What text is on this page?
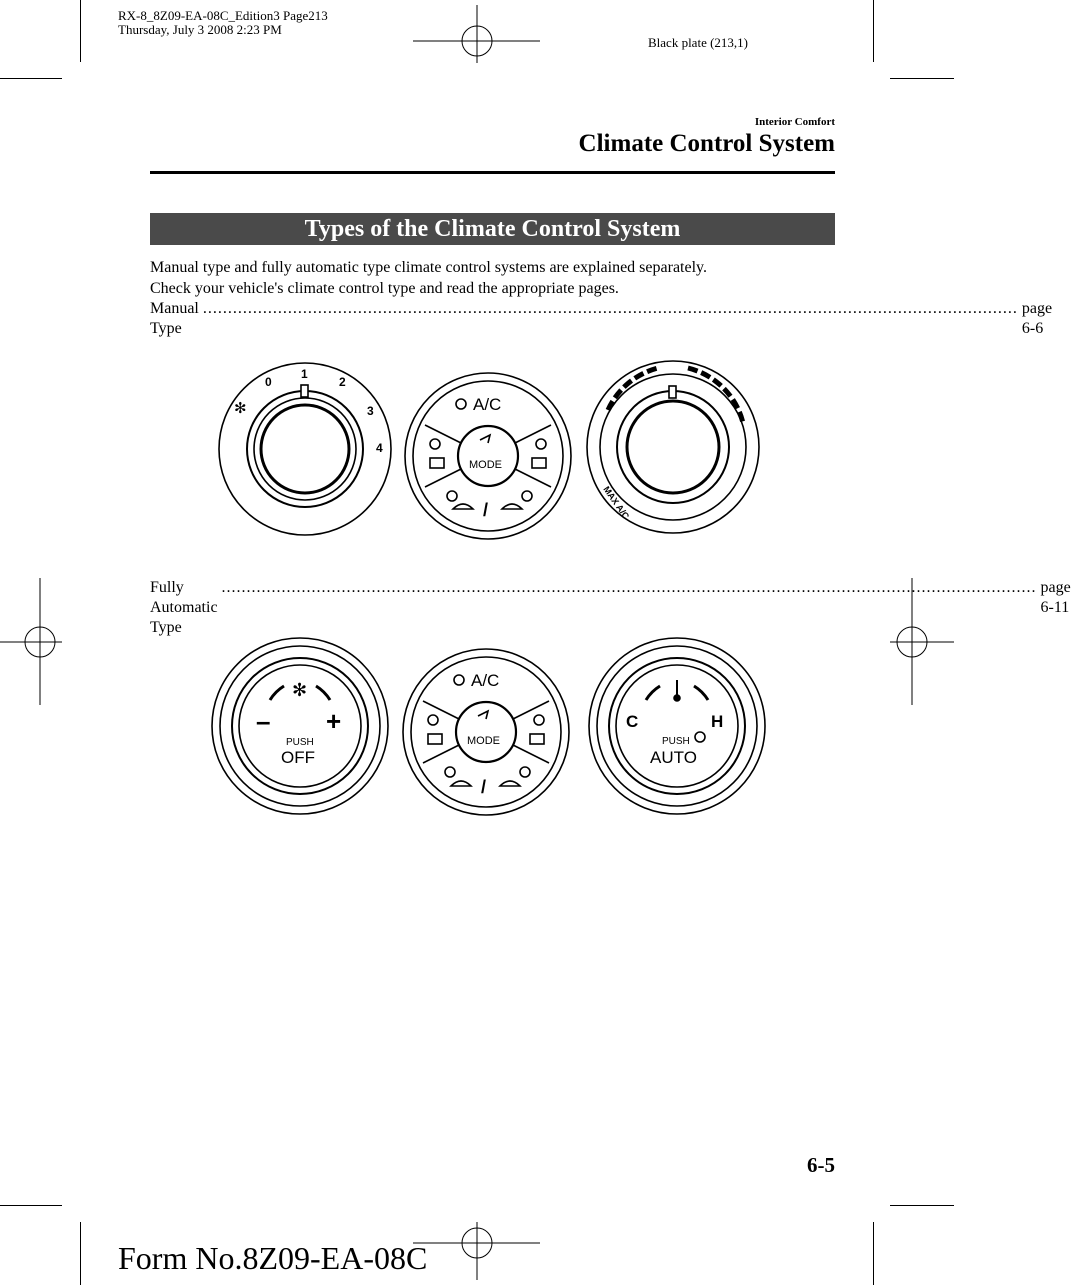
RX-8_8Z09-EA-08C_Edition3 Page213
Thursday, July 3 2008 2:23 PM
Black plate (213,1)
Interior Comfort
Climate Control System
Types of the Climate Control System
Manual type and fully automatic type climate control systems are explained separately.
Check your vehicle's climate control type and read the appropriate pages.
Manual Type
................................................................................................................................................................... page 6-6
0
1
2
3
4
✻	A/C
MODE
/	MAX A/C
Fully Automatic Type
................................................................................................................................................................... page 6-11
✻
– +
PUSH
OFF
A/C
MODE
/
C	H
PUSH
AUTO
6-5
Form No.8Z09-EA-08C
